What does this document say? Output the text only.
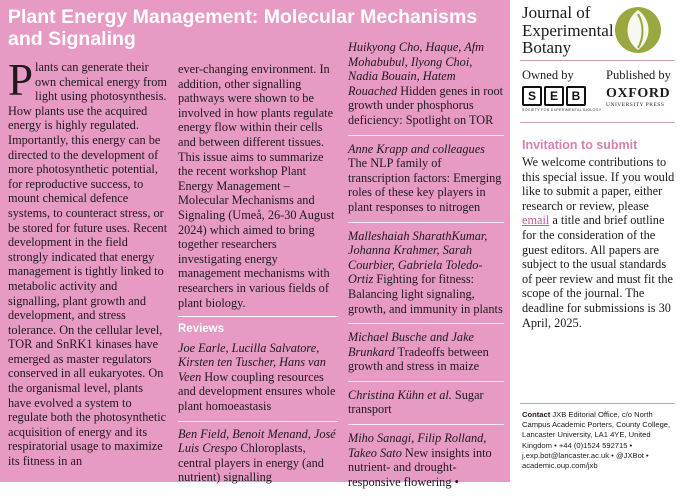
Plant Energy Management: Molecular Mechanisms and Signaling
P lants can generate their own chemical energy from light using photosynthesis. How plants use the acquired energy is highly regulated. Importantly, this energy can be directed to the development of more photosynthetic potential, for reproductive success, to mount chemical defence systems, to counteract stress, or be stored for future uses. Recent development in the field strongly indicated that energy management is tightly linked to metabolic activity and signalling, plant growth and development, and stress tolerance. On the cellular level, TOR and SnRK1 kinases have emerged as master regulators conserved in all eukaryotes. On the organismal level, plants have evolved a system to regulate both the photosynthetic acquisition of energy and its respiratorial usage to maximize its fitness in an

ever-changing environment. In addition, other signalling pathways were shown to be involved in how plants regulate energy flow within their cells and between different tissues. This issue aims to summarize the recent workshop Plant Energy Management – Molecular Mechanisms and Signaling (Umeå, 26-30 August 2024) which aimed to bring together researchers investigating energy management mechanisms with researchers in various fields of plant biology.

Reviews
Joe Earle, Lucilla Salvatore, Kirsten ten Tuscher, Hans van Veen How coupling resources and development ensures whole plant homoeastasis
Ben Field, Benoit Menand, José Luis Crespo Chloroplasts, central players in energy (and nutrient) signalling
Huikyong Cho, Haque, Afm Mohabubul, Ilyong Choi, Nadia Bouain, Hatem Rouached Hidden genes in root growth under phosphorus deficiency: Spotlight on TOR
Anne Krapp and colleagues The NLP family of transcription factors: Emerging roles of these key players in plant responses to nitrogen
Malleshaiah SharathKumar, Johanna Krahmer, Sarah Courbier, Gabriela Toledo-Ortiz Fighting for fitness: Balancing light signaling, growth, and immunity in plants
Michael Busche and Jake Brunkard Tradeoffs between growth and stress in maize
Christina Kühn et al. Sugar transport
Miho Sanagi, Filip Rolland, Takeo Sato New insights into nutrient- and drought-responsive flowering •
Journal of
Experimental
Botany
Owned by	Published by
S	E	B
SOCIETY FOR EXPERIMENTAL BIOLOGY
OXFORD
UNIVERSITY PRESS
Invitation to submit
We welcome contributions to this special issue. If you would like to submit a paper, either research or review, please email a title and brief outline for the consideration of the guest editors. All papers are subject to the usual standards of peer review and must fit the scope of the journal. The deadline for submissions is 30 April, 2025.
Contact JXB Editorial Office, c/o North Campus Academic Porters, County College, Lancaster University, LA1 4YE, United Kingdom • +44 (0)1524 592715 • j.exp.bot@lancaster.ac.uk • @JXBot • academic.oup.com/jxb
